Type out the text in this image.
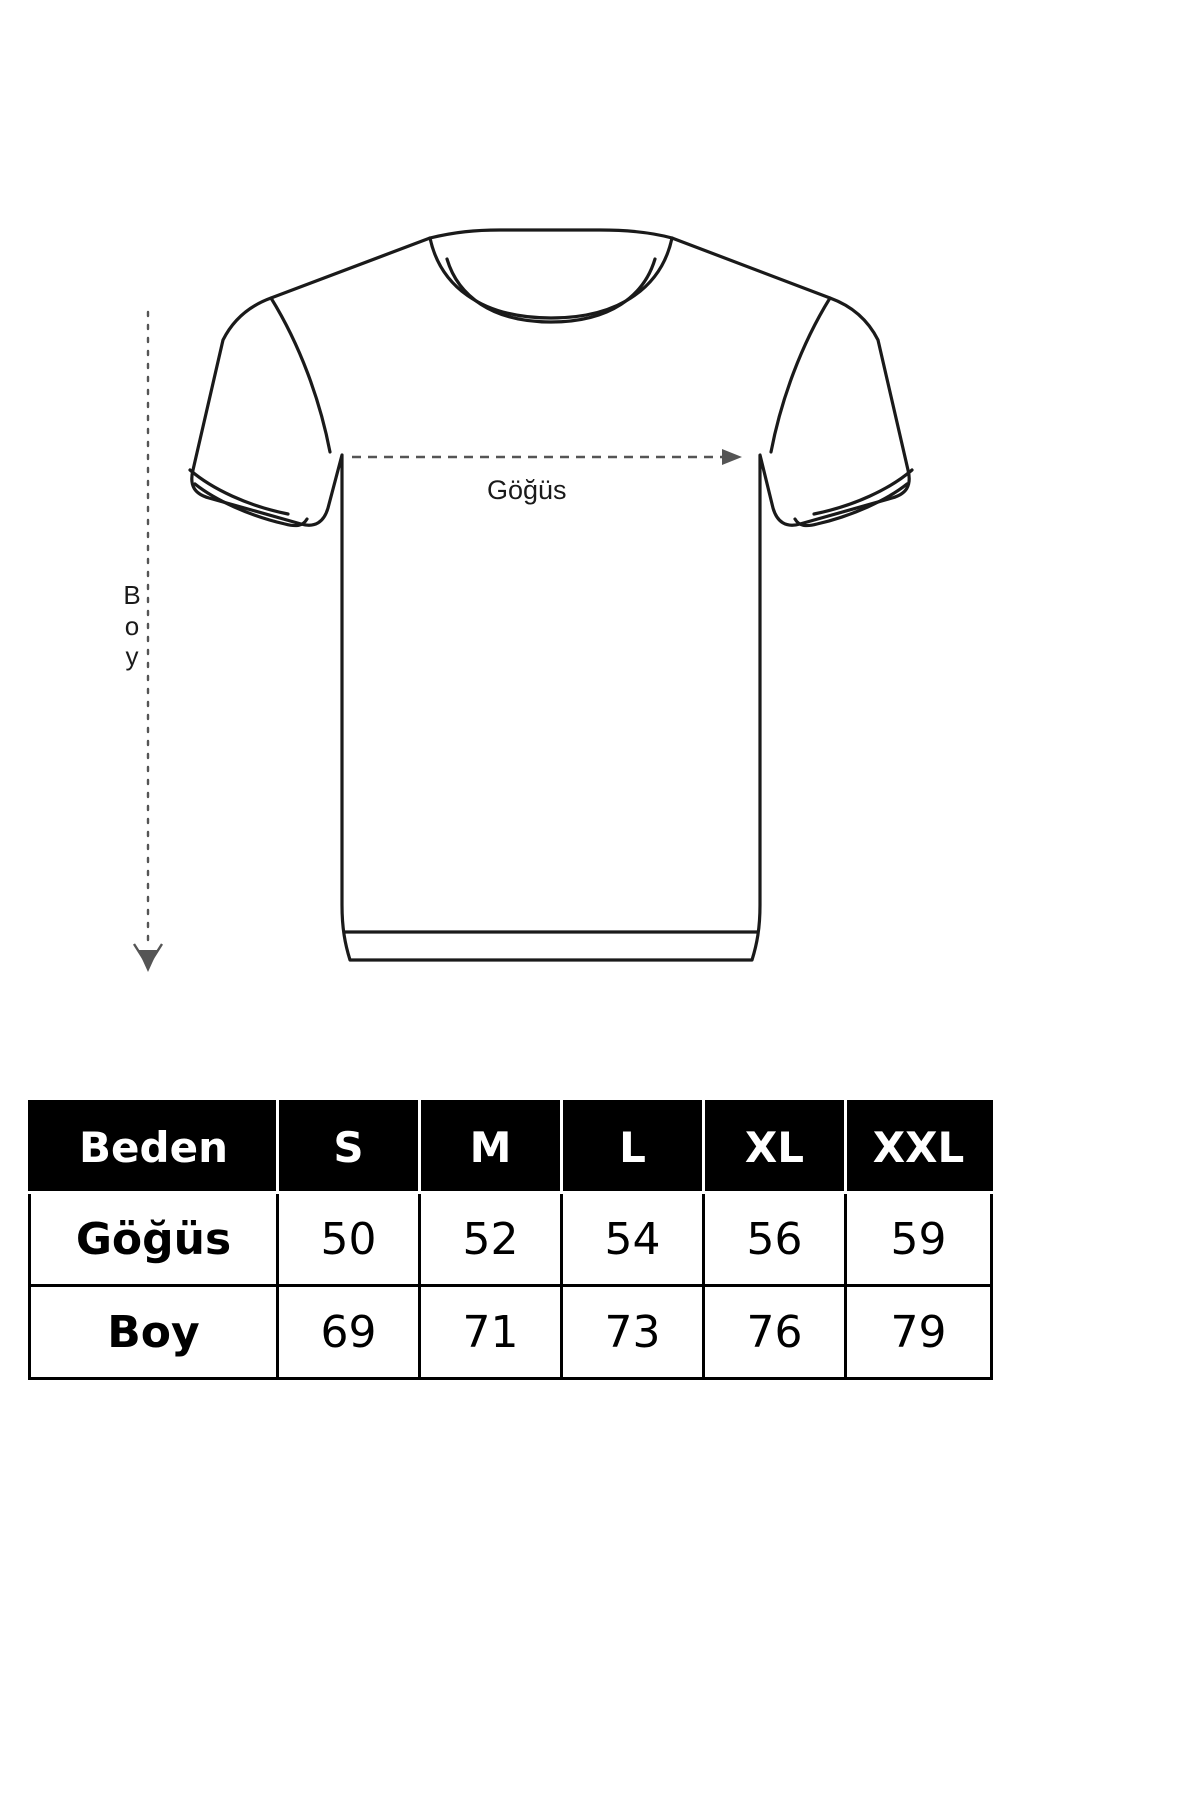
B
o
y
Göğüs
Beden	S	M	L	XL	XXL
Göğüs	50	52	54	56	59
Boy	69	71	73	76	79
